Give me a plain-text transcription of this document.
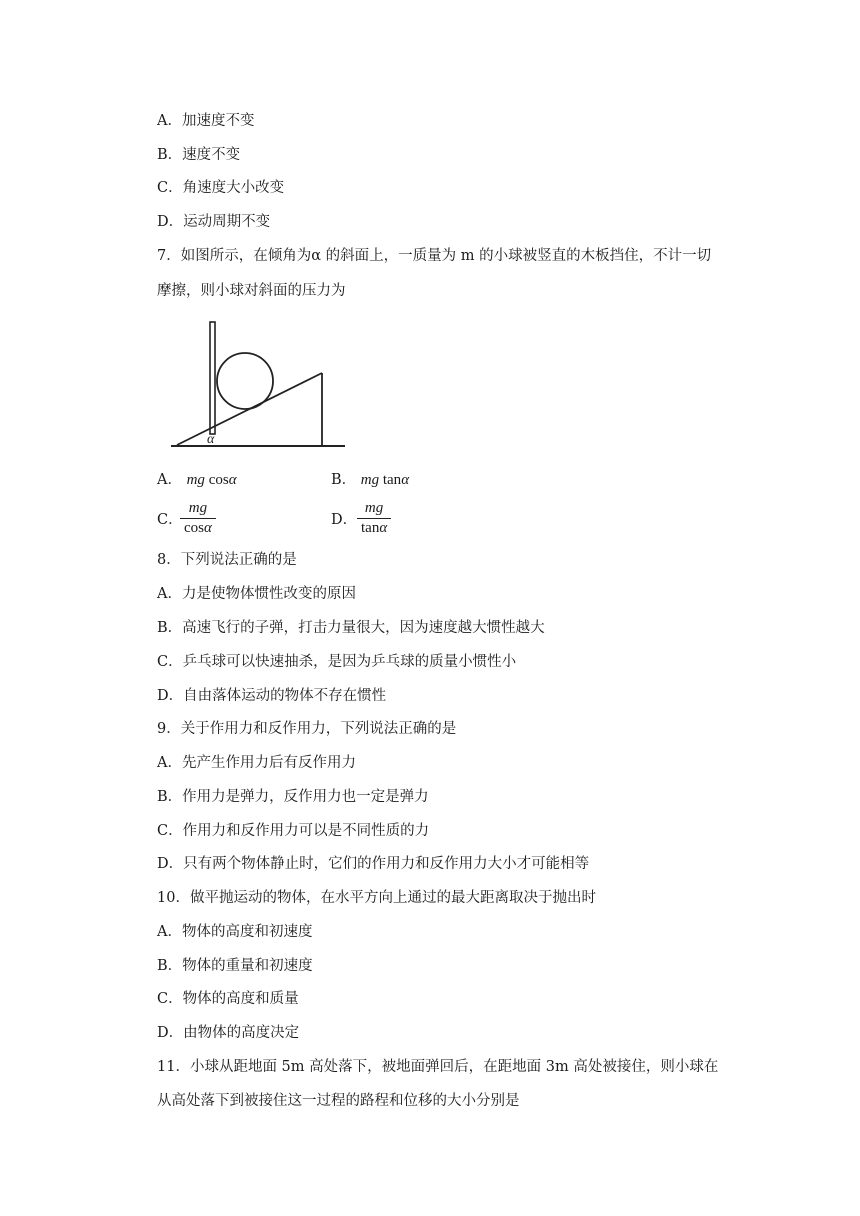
A．加速度不变
B．速度不变
C．角速度大小改变
D．运动周期不变
7．如图所示，在倾角为α 的斜面上，一质量为 m 的小球被竖直的木板挡住，不计一切
摩擦，则小球对斜面的压力为
α
A． mg cosα	B． mg tanα
C．
mg
cosα	D．
mg
tanα
8．下列说法正确的是
A．力是使物体惯性改变的原因
B．高速飞行的子弹，打击力量很大，因为速度越大惯性越大
C．乒乓球可以快速抽杀，是因为乒乓球的质量小惯性小
D．自由落体运动的物体不存在惯性
9．关于作用力和反作用力，下列说法正确的是
A．先产生作用力后有反作用力
B．作用力是弹力，反作用力也一定是弹力
C．作用力和反作用力可以是不同性质的力
D．只有两个物体静止时，它们的作用力和反作用力大小才可能相等
10．做平抛运动的物体，在水平方向上通过的最大距离取决于抛出时
A．物体的高度和初速度
B．物体的重量和初速度
C．物体的高度和质量
D．由物体的高度决定
11．小球从距地面 5m 高处落下，被地面弹回后，在距地面 3m 高处被接住，则小球在
从高处落下到被接住这一过程的路程和位移的大小分别是
